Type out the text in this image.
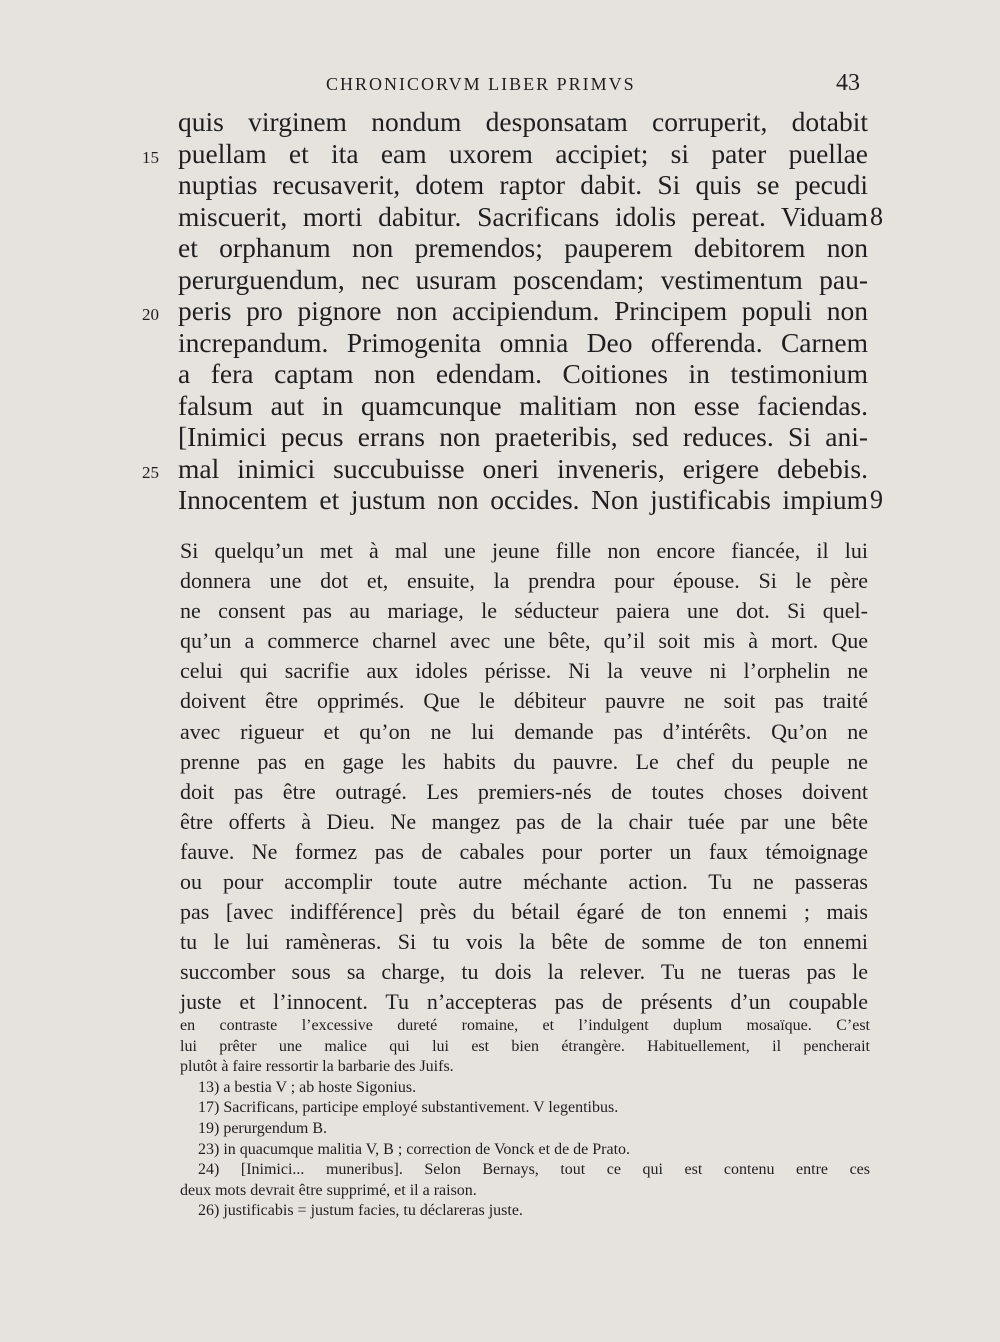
CHRONICORVM LIBER PRIMVS	43
quis virginem nondum desponsatam corruperit, dotabit
15 puellam et ita eam uxorem accipiet; si pater puellae
nuptias recusaverit, dotem raptor dabit. Si quis se pecudi
miscuerit, morti dabitur. Sacrificans idolis pereat. Viduam 8
et orphanum non premendos; pauperem debitorem non
perurguendum, nec usuram poscendam; vestimentum pau-
20 peris pro pignore non accipiendum. Principem populi non
increpandum. Primogenita omnia Deo offerenda. Carnem
a fera captam non edendam. Coitiones in testimonium
falsum aut in quamcunque malitiam non esse faciendas.
[Inimici pecus errans non praeteribis, sed reduces. Si ani-
25 mal inimici succubuisse oneri inveneris, erigere debebis.
Innocentem et justum non occides. Non justificabis impium 9
Si quelqu’un met à mal une jeune fille non encore fiancée, il lui
donnera une dot et, ensuite, la prendra pour épouse. Si le père
ne consent pas au mariage, le séducteur paiera une dot. Si quel-
qu’un a commerce charnel avec une bête, qu’il soit mis à mort. Que
celui qui sacrifie aux idoles périsse. Ni la veuve ni l’orphelin ne
doivent être opprimés. Que le débiteur pauvre ne soit pas traité
avec rigueur et qu’on ne lui demande pas d’intérêts. Qu’on ne
prenne pas en gage les habits du pauvre. Le chef du peuple ne
doit pas être outragé. Les premiers-nés de toutes choses doivent
être offerts à Dieu. Ne mangez pas de la chair tuée par une bête
fauve. Ne formez pas de cabales pour porter un faux témoignage
ou pour accomplir toute autre méchante action. Tu ne passeras
pas [avec indifférence] près du bétail égaré de ton ennemi ; mais
tu le lui ramèneras. Si tu vois la bête de somme de ton ennemi
succomber sous sa charge, tu dois la relever. Tu ne tueras pas le
juste et l’innocent. Tu n’accepteras pas de présents d’un coupable
en contraste l’excessive dureté romaine, et l’indulgent duplum mosaïque. C’est
lui prêter une malice qui lui est bien étrangère. Habituellement, il pencherait
plutôt à faire ressortir la barbarie des Juifs.
13) a bestia V ; ab hoste Sigonius.
17) Sacrificans, participe employé substantivement. V legentibus.
19) perurgendum B.
23) in quacumque malitia V, B ; correction de Vonck et de de Prato.
24) [Inimici... muneribus]. Selon Bernays, tout ce qui est contenu entre ces
deux mots devrait être supprimé, et il a raison.
26) justificabis = justum facies, tu déclareras juste.
